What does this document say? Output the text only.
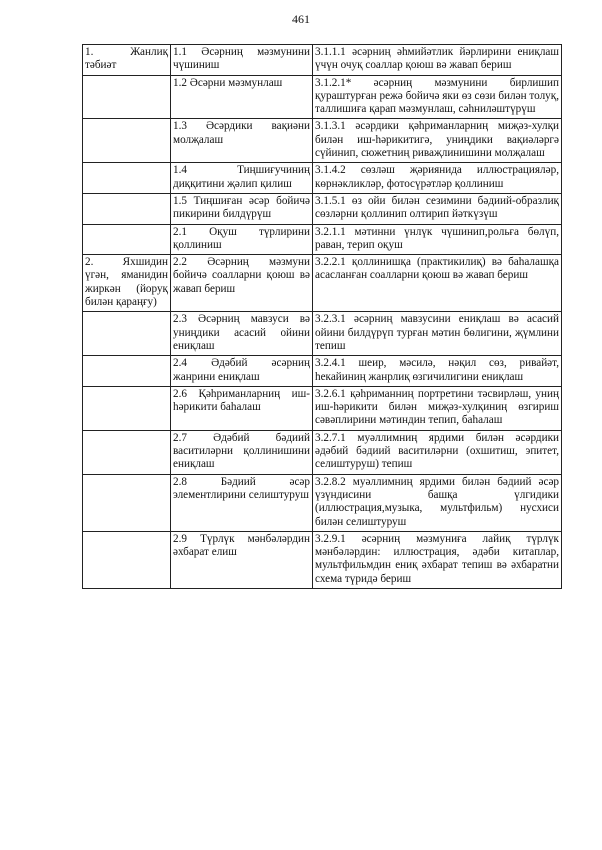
461
1. Жанлиқ тәбиәт	1.1 Әсәрниң мәзмунини чүшиниш	3.1.1.1 әсәрниң әһмийәтлик йәрлирини ениқлаш үчүн очуқ соаллар қоюш вә жавап бериш
	1.2 Әсәрни мәзмунлаш	3.1.2.1* әсәрниң мәзмунини бирлишип қураштурған режә бойичә яки өз сөзи билән толуқ, таллишиға қарап мәзмунлаш, сәһнилəштүрүш
	1.3 Әсәрдики вақиәни молҗалаш	3.1.3.1 әсәрдики қәһриманларниң миҗәз-хулқи билән иш-һәрикитигә, униңдики вақиәләргә сүйинип, сюжетниң риваҗлинишини молҗалаш
	1.4 Тиңшиғучиниң диққитини җәлип қилиш	3.1.4.2 сөзләш җәриянида иллюстрацияләр, көрнәкликләр, фотосүрәтләр қоллиниш
	1.5 Тиңшиған әсәр бойичә пикирини билдүрүш	3.1.5.1 өз ойи билән сезимини бәдиий-образлиқ сөзләрни қоллинип олтирип йәткүзүш
	2.1 Оқуш түрлирини қоллиниш	3.2.1.1 мәтинни үнлүк чүшинип,рольға бөлүп, раван, терип оқуш

2. Яхшидин үгән, яманидин жиркән (йоруқ билән қараңғу)	2.2 Әсәрниң мәзмуни бойичә соалларни қоюш вә жавап бериш	3.2.2.1 қоллинишқа (практикилиқ) вә баһалашқа асасланған соалларни қоюш вә жавап бериш
	2.3 Әсәрниң мавзуси вә униңдики асасий ойини ениқлаш	3.2.3.1 әсәрниң мавзусини ениқлаш вә асасий ойини билдүрүп турған мәтин бөлигини, җүмлини тепиш
	2.4 Әдәбий әсәрниң жанрини ениқлаш	3.2.4.1 шеир, мәсилә, нәқил сөз, ривайәт, һекайиниң жанрлиқ өзгичилигини ениқлаш
	2.6 Қәһриманларниң иш-һәрикити баһалаш	3.2.6.1 қәһриманниң портретини тәсвирләш, униң иш-һәрикити билән миҗәз-хулқиниң өзгириш сәвәплирини мәтиндин тепип, баһалаш
	2.7 Әдәбий бәдиий васитиләрни қоллинишини ениқлаш	3.2.7.1 муәллимниң ярдими билән әсәрдики әдәбий бәдиий васитиләрни (охшитиш, эпитет, селиштуруш) тепиш
	2.8 Бәдиий әсәр элементлирини селиштуруш	3.2.8.2 муәллимниң ярдими билән бәдиий әсәр үзүндисини башқа үлгидики (иллюстрация,музыка, мультфильм) нусхиси билән селиштуруш
	2.9 Түрлүк мәнбәләрдин әхбарат елиш	3.2.9.1 әсәрниң мәзмуниға лайиқ түрлүк мәнбәләрдин: иллюстрация, әдәби китаплар, мультфильмдин ениқ әхбарат тепиш вә әхбаратни схема түридә бериш
